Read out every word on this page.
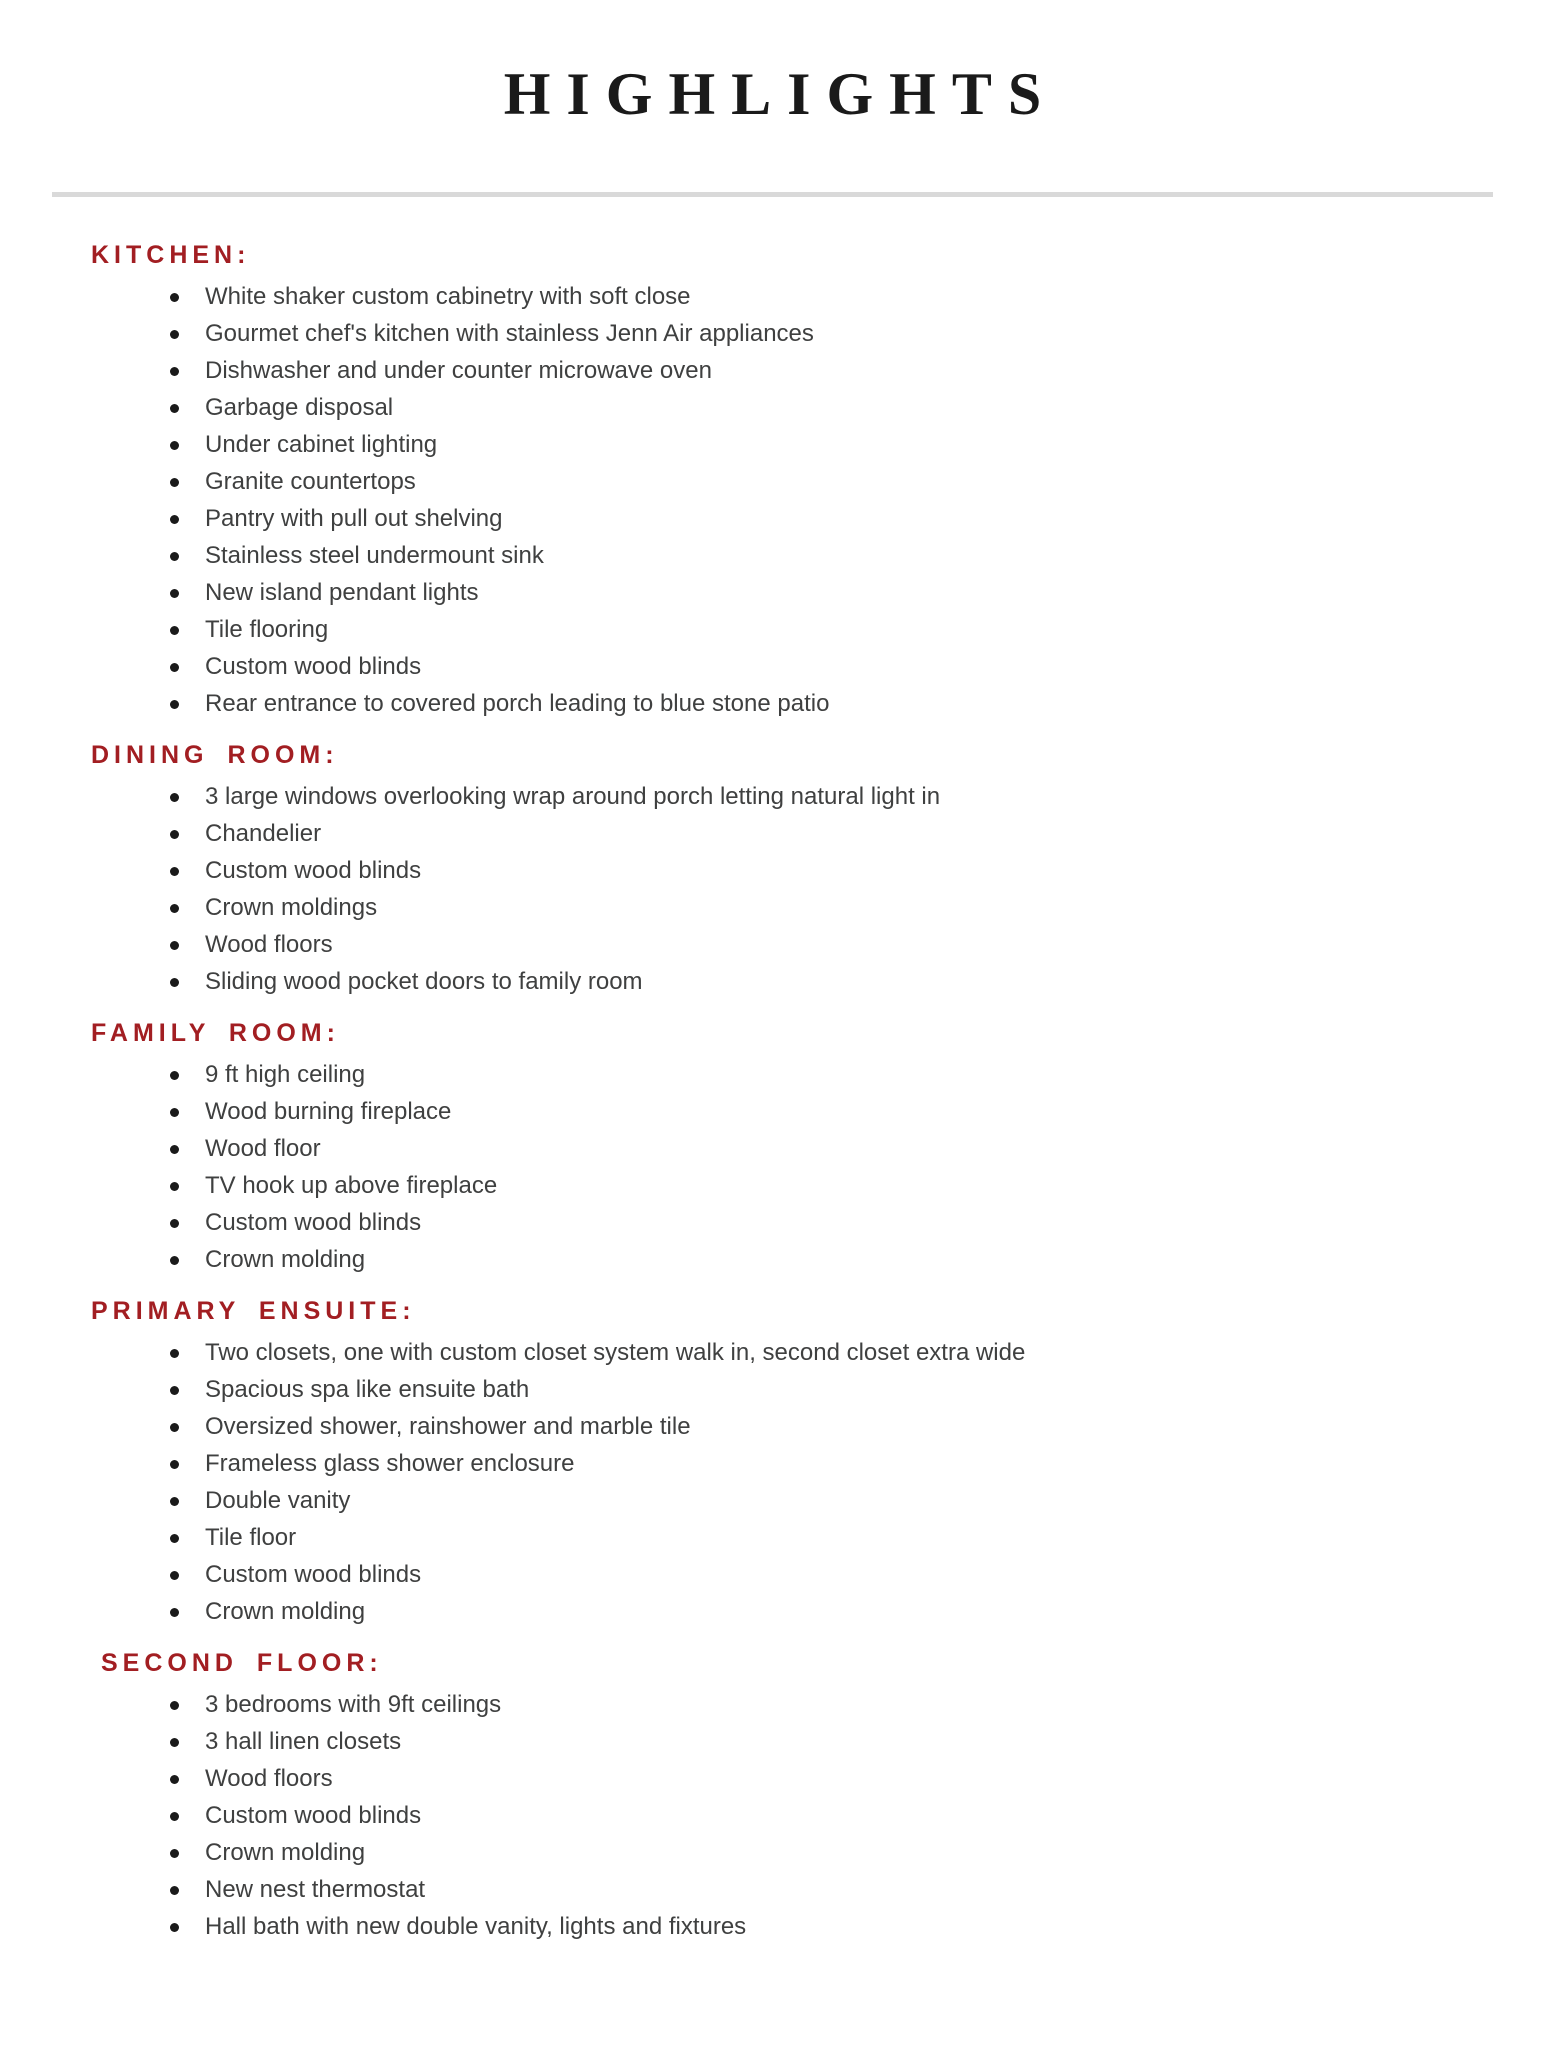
HIGHLIGHTS
KITCHEN:
White shaker custom cabinetry with soft close
Gourmet chef's kitchen with stainless Jenn Air appliances
Dishwasher and under counter microwave oven
Garbage disposal
Under cabinet lighting
Granite countertops
Pantry with pull out shelving
Stainless steel undermount sink
New island pendant lights
Tile flooring
Custom wood blinds
Rear entrance to covered porch leading to blue stone patio
DINING ROOM:
3 large windows overlooking wrap around porch letting natural light in
Chandelier
Custom wood blinds
Crown moldings
Wood floors
Sliding wood pocket doors to family room
FAMILY ROOM:
9 ft high ceiling
Wood burning fireplace
Wood floor
TV hook up above fireplace
Custom wood blinds
Crown molding
PRIMARY ENSUITE:
Two closets, one with custom closet system walk in, second closet extra wide
Spacious spa like ensuite bath
Oversized shower, rainshower and marble tile
Frameless glass shower enclosure
Double vanity
Tile floor
Custom wood blinds
Crown molding
SECOND FLOOR:
3 bedrooms with 9ft ceilings
3 hall linen closets
Wood floors
Custom wood blinds
Crown molding
New nest thermostat
Hall bath with new double vanity, lights and fixtures
